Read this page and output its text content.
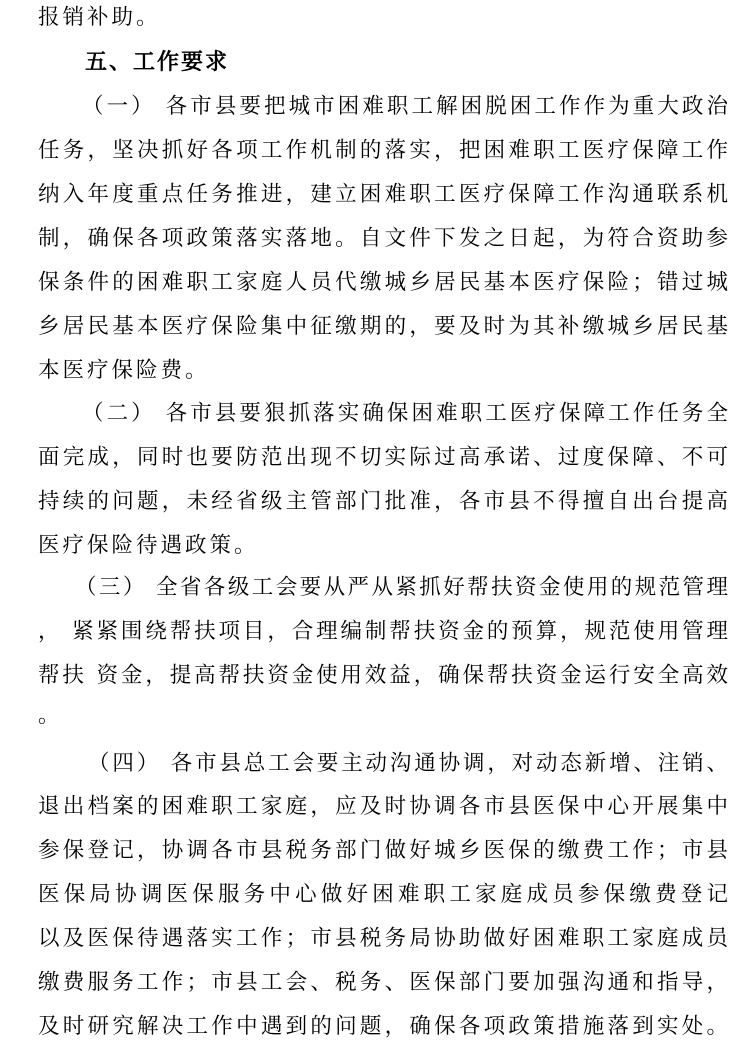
报销补助。
五、工作要求
（一） 各市县要把城市困难职工解困脱困工作作为重大政治
任务，坚决抓好各项工作机制的落实，把困难职工医疗保障工作
纳入年度重点任务推进，建立困难职工医疗保障工作沟通联系机
制，确保各项政策落实落地。自文件下发之日起，为符合资助参
保条件的困难职工家庭人员代缴城乡居民基本医疗保险；错过城
乡居民基本医疗保险集中征缴期的，要及时为其补缴城乡居民基
本医疗保险费。
（二） 各市县要狠抓落实确保困难职工医疗保障工作任务全
面完成，同时也要防范出现不切实际过高承诺、过度保障、不可
持续的问题，未经省级主管部门批准，各市县不得擅自出台提高
医疗保险待遇政策。
（三） 全省各级工会要从严从紧抓好帮扶资金使用的规范管理
， 紧紧围绕帮扶项目，合理编制帮扶资金的预算，规范使用管理
帮扶 资金，提高帮扶资金使用效益，确保帮扶资金运行安全高效
。
（四） 各市县总工会要主动沟通协调，对动态新增、注销、
退出档案的困难职工家庭，应及时协调各市县医保中心开展集中
参保登记，协调各市县税务部门做好城乡医保的缴费工作；市县
医保局协调医保服务中心做好困难职工家庭成员参保缴费登记
以及医保待遇落实工作；市县税务局协助做好困难职工家庭成员
缴费服务工作；市县工会、税务、医保部门要加强沟通和指导，
及时研究解决工作中遇到的问题，确保各项政策措施落到实处。
